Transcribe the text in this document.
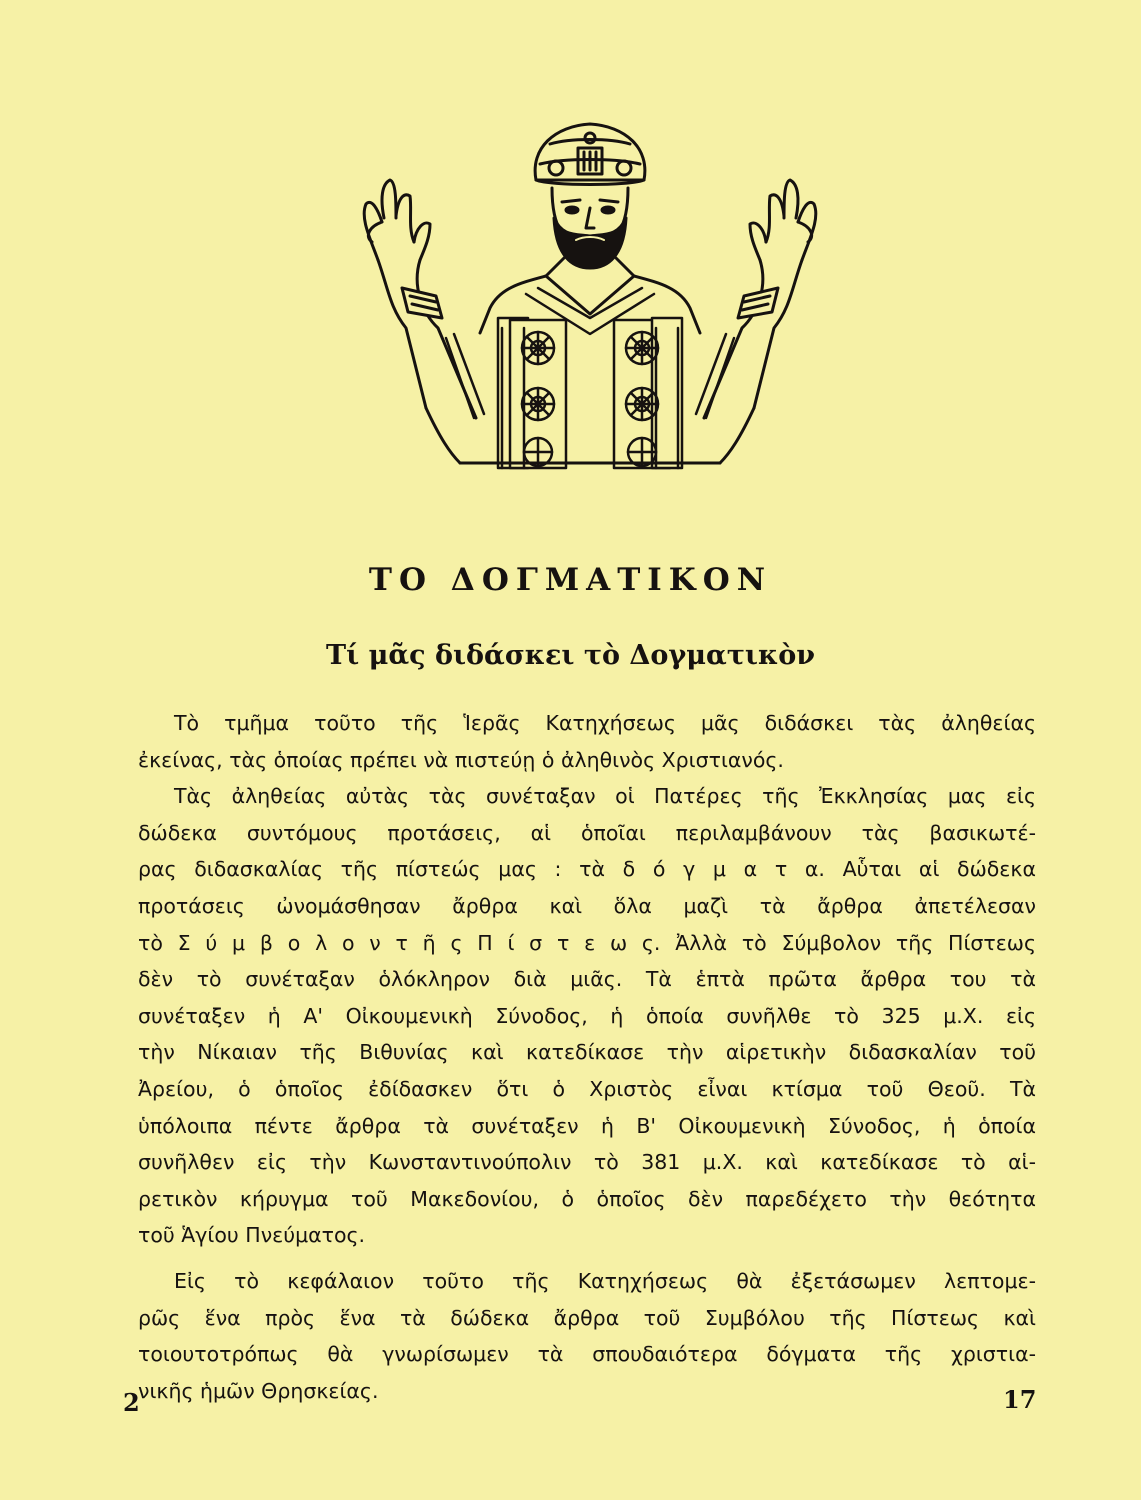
ΤΟ ΔΟΓΜΑΤΙΚΟΝ
Τί μᾶς διδάσκει τὸ Δογματικὸν

Τὸ τμῆμα τοῦτο τῆς Ἱερᾶς Κατηχήσεως μᾶς διδάσκει τὰς ἀληθείας

ἐκείνας, τὰς ὁποίας πρέπει νὰ πιστεύῃ ὁ ἀληθινὸς Χριστιανός.

Τὰς ἀληθείας αὐτὰς τὰς συνέταξαν οἱ Πατέρες τῆς Ἐκκλησίας μας εἰς

δώδεκα συντόμους προτάσεις, αἱ ὁποῖαι περιλαμβάνουν τὰς βασικωτέ-

ρας διδασκαλίας τῆς πίστεώς μας : τὰ δ ό γ μ α τ α. Αὗται αἱ δώδεκα

προτάσεις ὠνομάσθησαν ἄρθρα καὶ ὅλα μαζὶ τὰ ἄρθρα ἀπετέλεσαν

τὸ Σ ύ μ β ο λ ο ν τ ῆ ς Π ί σ τ ε ω ς. Ἀλλὰ τὸ Σύμβολον τῆς Πίστεως

δὲν τὸ συνέταξαν ὁλόκληρον διὰ μιᾶς. Τὰ ἑπτὰ πρῶτα ἄρθρα του τὰ

συνέταξεν ἡ Α' Οἰκουμενικὴ Σύνοδος, ἡ ὁποία συνῆλθε τὸ 325 μ.Χ. εἰς

τὴν Νίκαιαν τῆς Βιθυνίας καὶ κατεδίκασε τὴν αἱρετικὴν διδασκαλίαν τοῦ

Ἀρείου, ὁ ὁποῖος ἐδίδασκεν ὅτι ὁ Χριστὸς εἶναι κτίσμα τοῦ Θεοῦ. Τὰ

ὑπόλοιπα πέντε ἄρθρα τὰ συνέταξεν ἡ Β' Οἰκουμενικὴ Σύνοδος, ἡ ὁποία

συνῆλθεν εἰς τὴν Κωνσταντινούπολιν τὸ 381 μ.Χ. καὶ κατεδίκασε τὸ αἱ-

ρετικὸν κήρυγμα τοῦ Μακεδονίου, ὁ ὁποῖος δὲν παρεδέχετο τὴν θεότητα

τοῦ Ἁγίου Πνεύματος.

Εἰς τὸ κεφάλαιον τοῦτο τῆς Κατηχήσεως θὰ ἐξετάσωμεν λεπτομε-

ρῶς ἕνα πρὸς ἕνα τὰ δώδεκα ἄρθρα τοῦ Συμβόλου τῆς Πίστεως καὶ

τοιουτοτρόπως θὰ γνωρίσωμεν τὰ σπουδαιότερα δόγματα τῆς χριστια-

νικῆς ἡμῶν Θρησκείας.

2	17
